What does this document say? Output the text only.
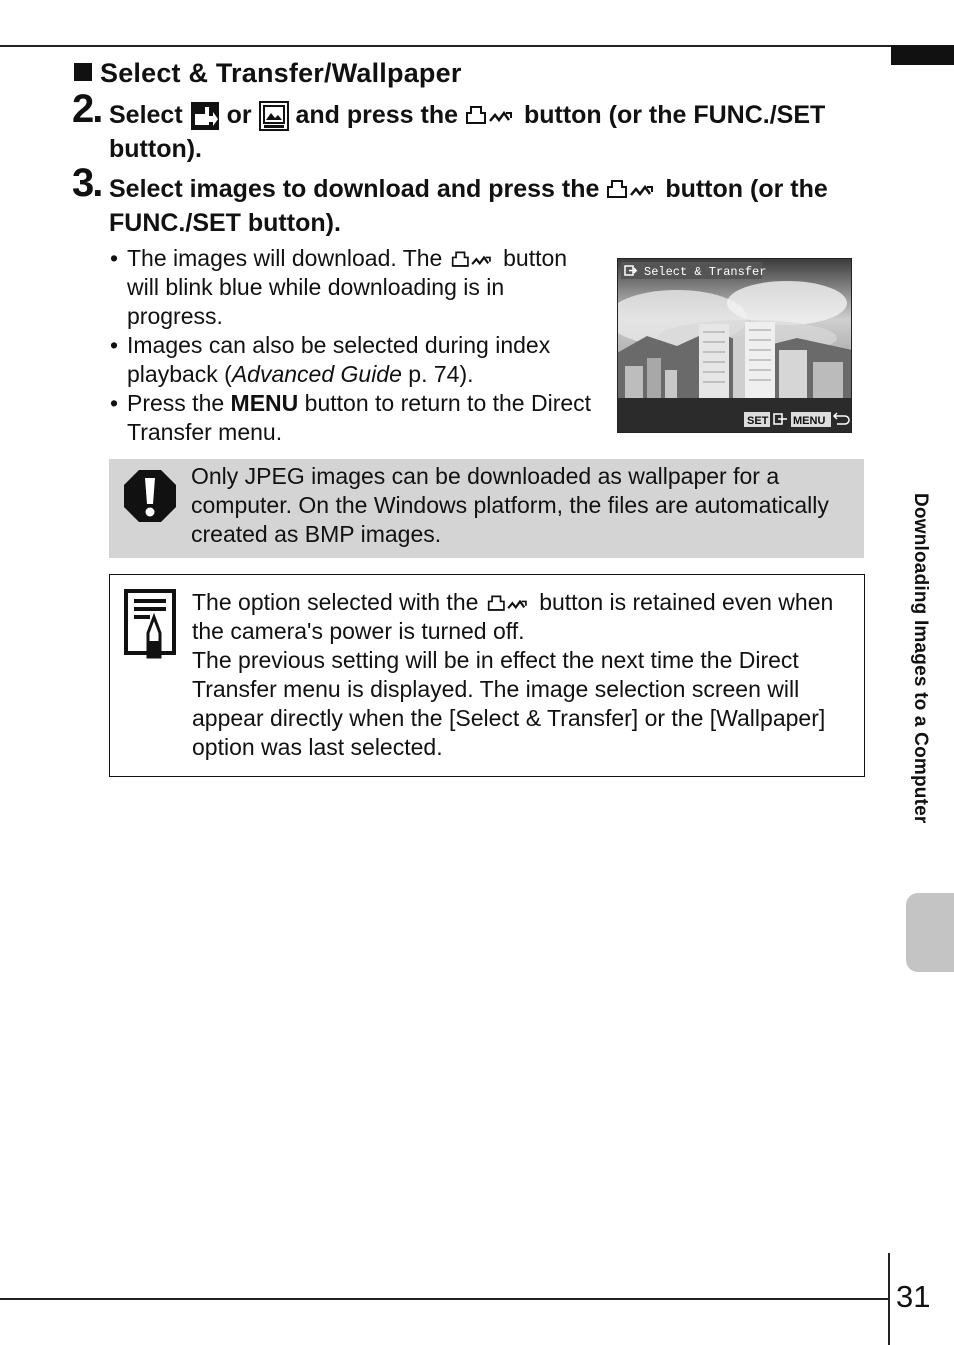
Select & Transfer/Wallpaper
2. Select or and press the	button (or the FUNC./SET button).
3. Select images to download and press the	button (or the FUNC./SET button).
• The images will download. The	button will blink blue while downloading is in progress.
• Images can also be selected during index playback (Advanced Guide p. 74).
• Press the MENU button to return to the Direct Transfer menu.
Select & Transfer
SET MENU
Only JPEG images can be downloaded as wallpaper for a computer. On the Windows platform, the files are automatically created as BMP images.
The option selected with the	button is retained even when the camera's power is turned off.
The previous setting will be in effect the next time the Direct Transfer menu is displayed. The image selection screen will appear directly when the [Select & Transfer] or the [Wallpaper] option was last selected.	Downloading Images to a Computer
31
